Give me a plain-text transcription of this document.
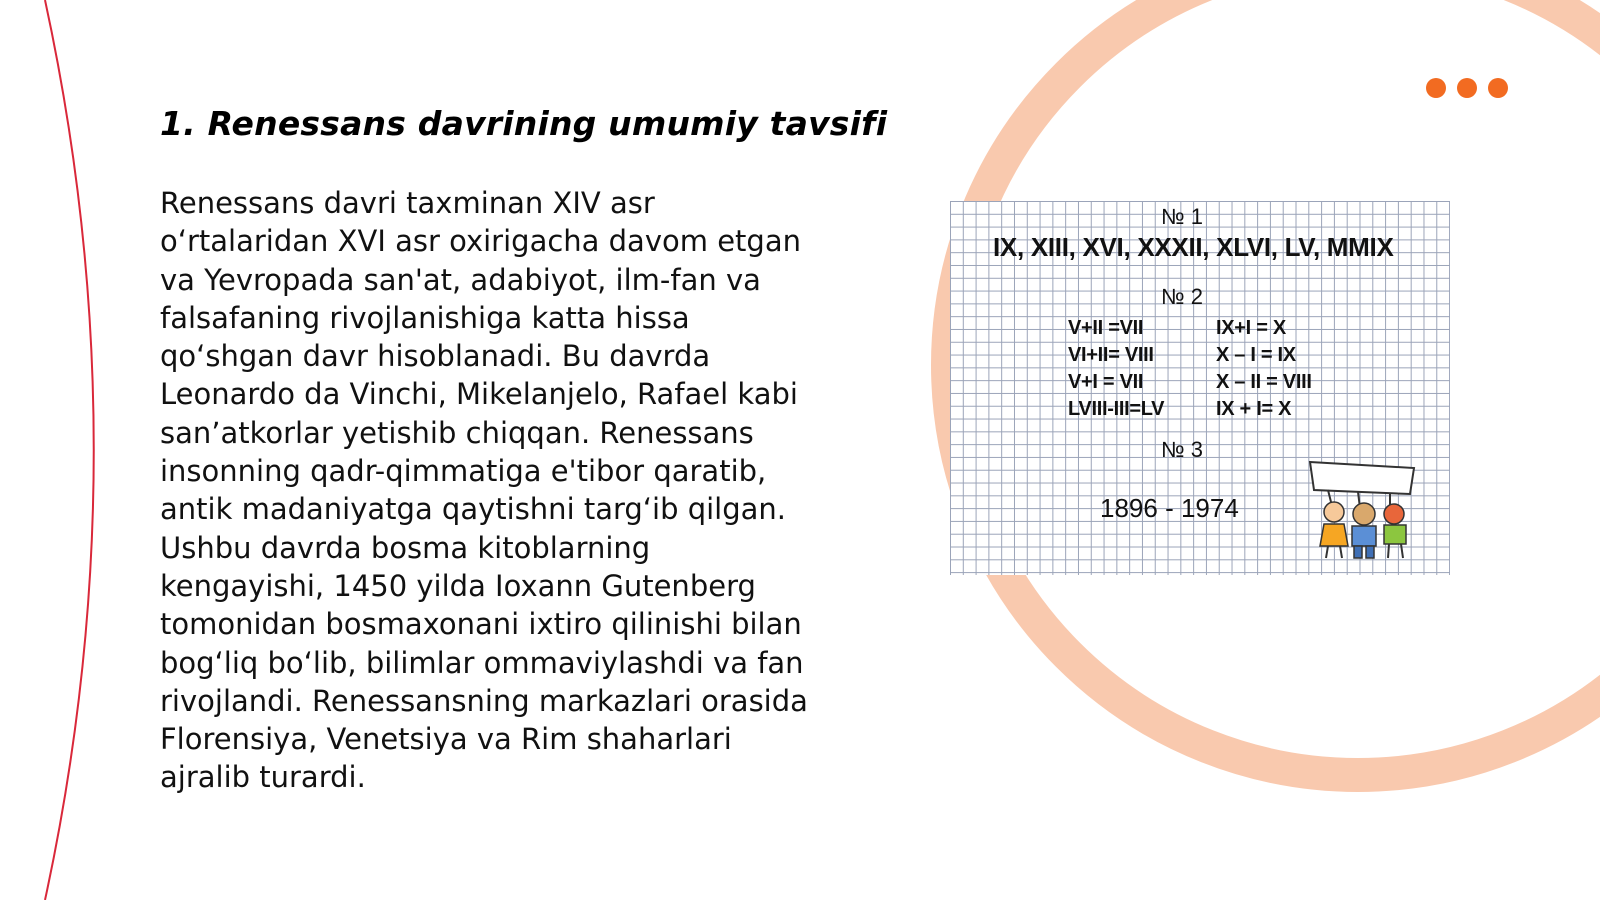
1. Renessans davrining umumiy tavsifi
Renessans davri taxminan XIV asr
o‘rtalaridan XVI asr oxirigacha davom etgan
va Yevropada san'at, adabiyot, ilm-fan va
falsafaning rivojlanishiga katta hissa
qo‘shgan davr hisoblanadi. Bu davrda
Leonardo da Vinchi, Mikelanjelo, Rafael kabi
san’atkorlar yetishib chiqqan. Renessans
insonning qadr-qimmatiga e'tibor qaratib,
antik madaniyatga qaytishni targ‘ib qilgan.
Ushbu davrda bosma kitoblarning
kengayishi, 1450 yilda Ioxann Gutenberg
tomonidan bosmaxonani ixtiro qilinishi bilan
bog‘liq bo‘lib, bilimlar ommaviylashdi va fan
rivojlandi. Renessansning markazlari orasida
Florensiya, Venetsiya va Rim shaharlari
ajralib turardi.
№ 1
IX, XIII, XVI, XXXII, XLVI, LV, MMIX
№ 2
V+II =VII
VI+II= VIII
V+I = VII
LVIII-III=LV
IX+I = X
X – I = IX
X – II = VIII
IX + I= X
№ 3
1896 - 1974
